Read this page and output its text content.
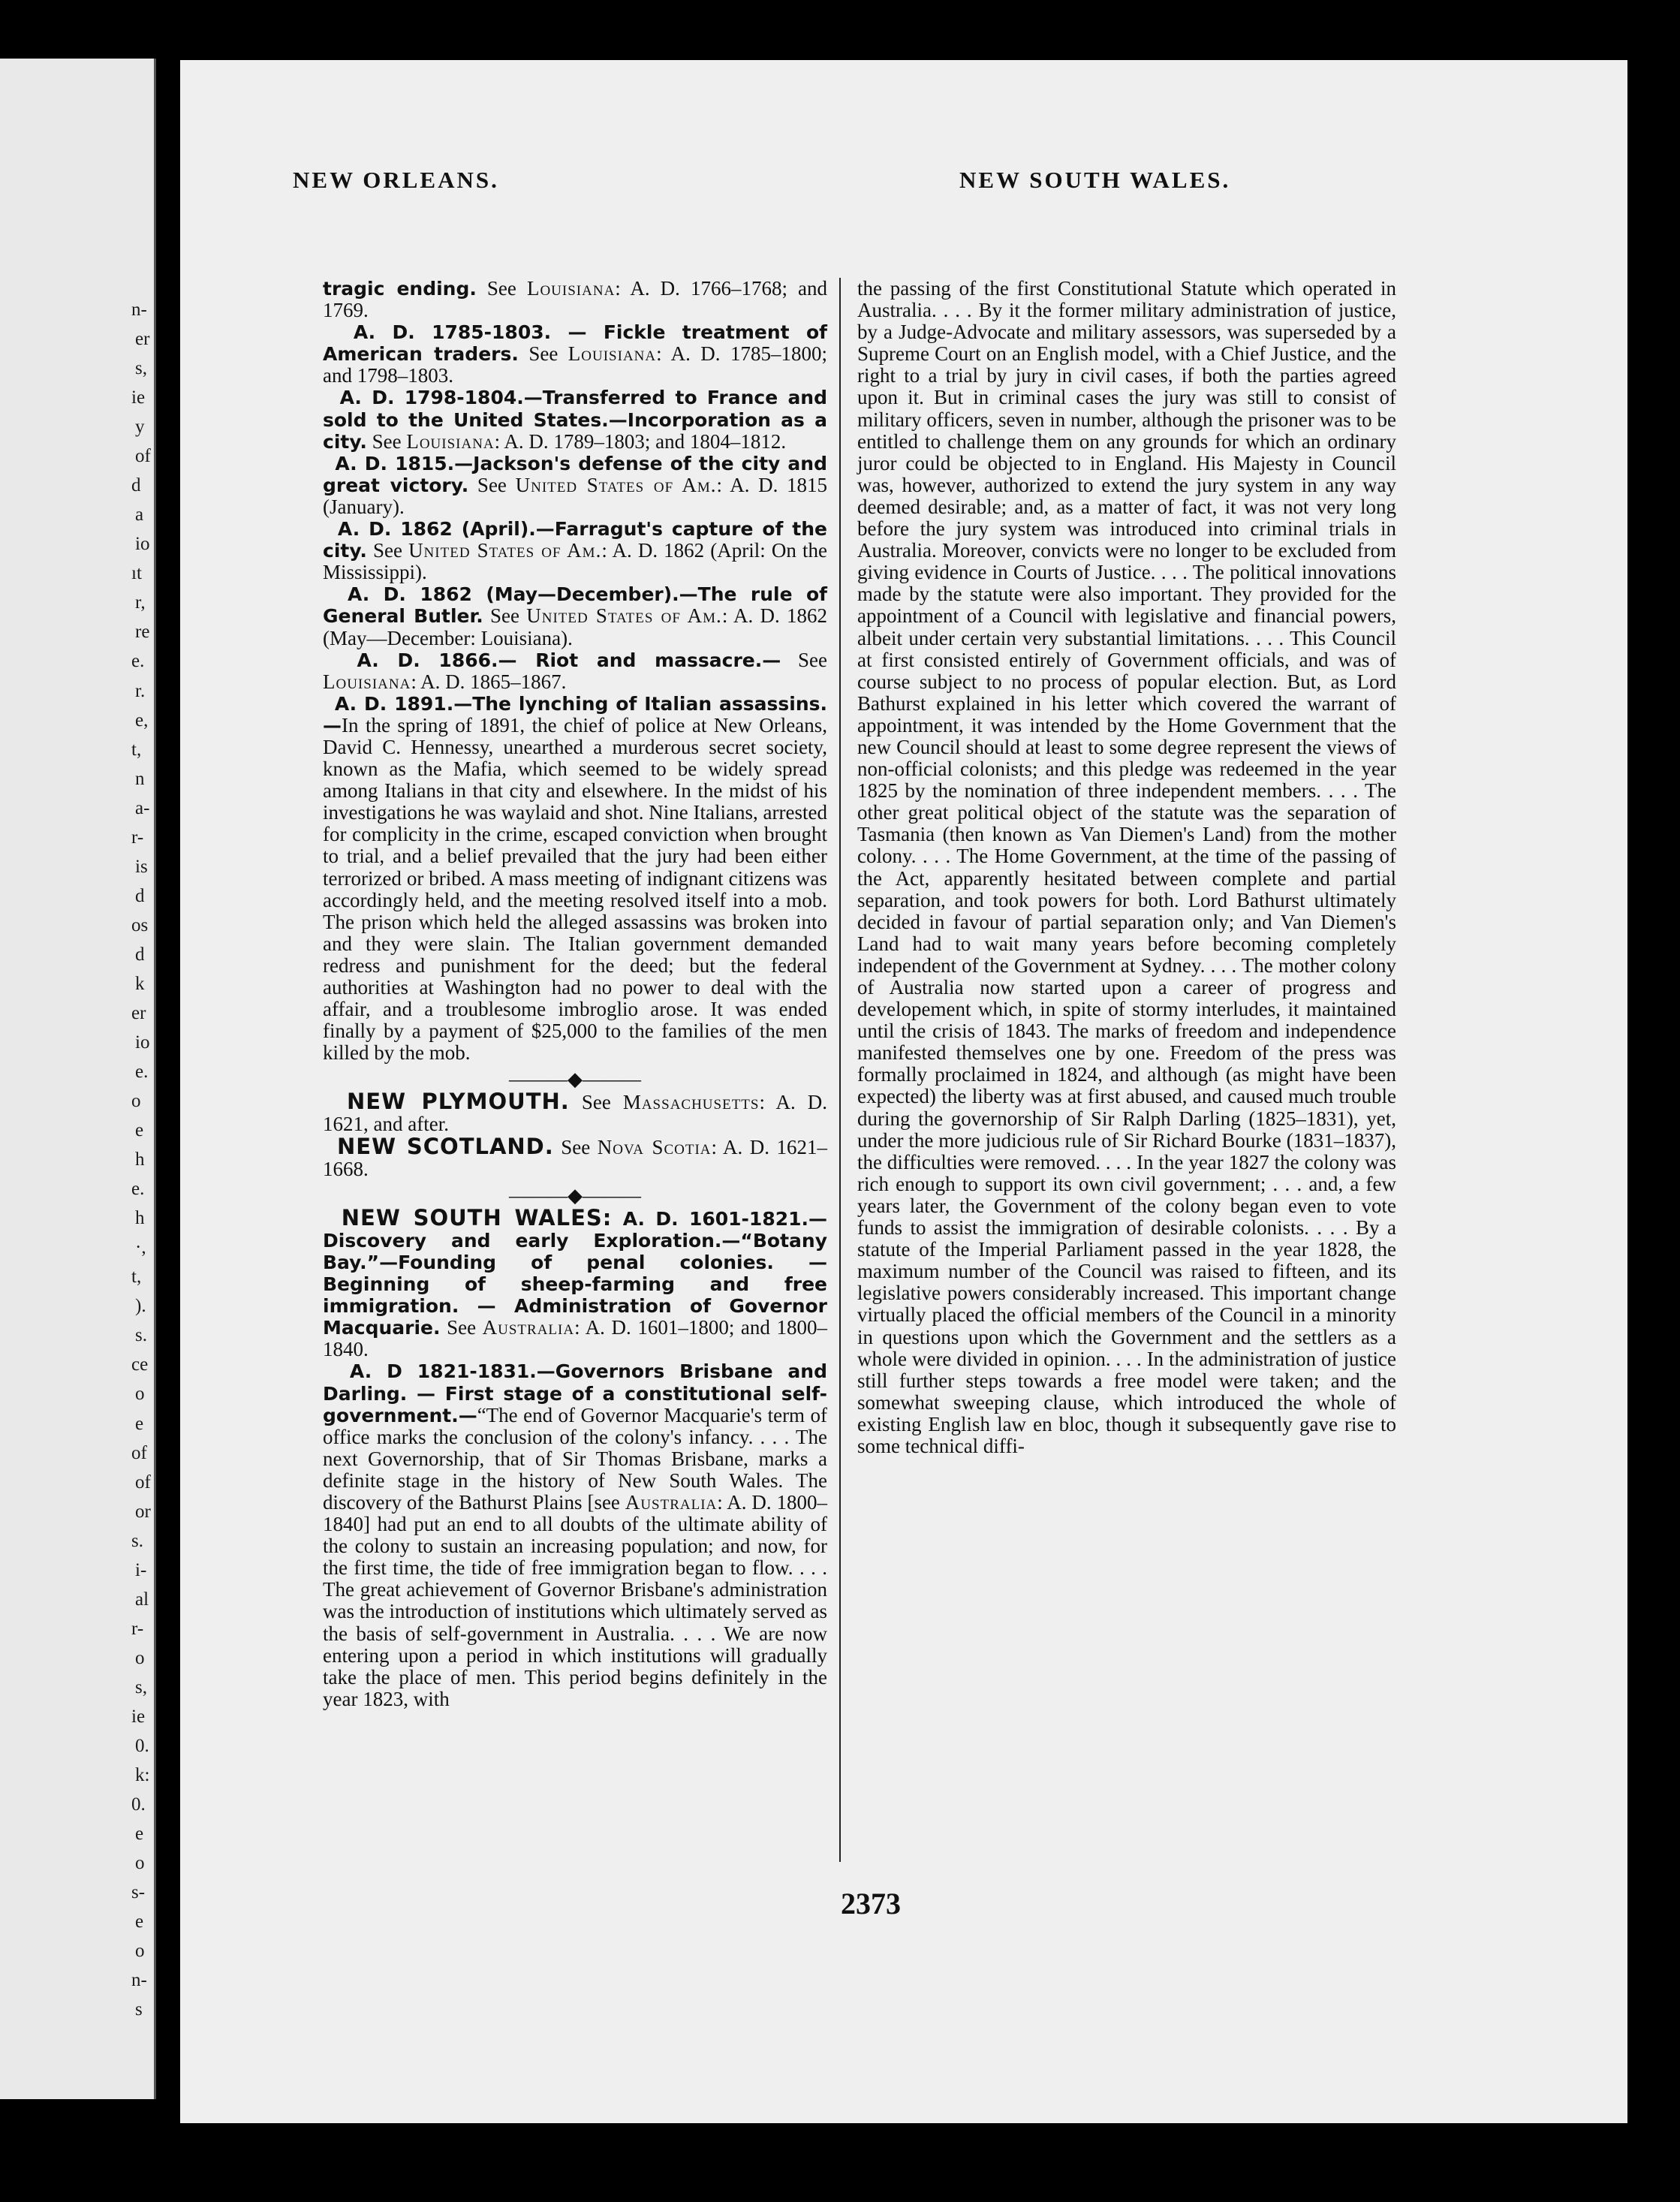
n-
er
s,
ie
y
of
d
a
io
ıt
r,
re
e.
r.
e,
t,
n
a-
r-
is
d
os
d
k
er
io
e.
o
e
h
e.
h
·,
t,
).
s.
ce
o
e
of
of
or
s.
i-
al
r-
o
s,
ie
0.
k:
0.
e
o
s-
e
o
n-
s
NEW ORLEANS.	NEW SOUTH WALES.

tragic ending. See Louisiana: A. D. 1766–1768; and 1769.

A. D. 1785-1803. — Fickle treatment of American traders. See Louisiana: A. D. 1785–1800; and 1798–1803.

A. D. 1798-1804.—Transferred to France and sold to the United States.—Incorporation as a city. See Louisiana: A. D. 1789–1803; and 1804–1812.

A. D. 1815.—Jackson's defense of the city and great victory. See United States of Am.: A. D. 1815 (January).

A. D. 1862 (April).—Farragut's capture of the city. See United States of Am.: A. D. 1862 (April: On the Mississippi).

A. D. 1862 (May—December).—The rule of General Butler. See United States of Am.: A. D. 1862 (May—December: Louisiana).

A. D. 1866.— Riot and massacre.— See Louisiana: A. D. 1865–1867.

A. D. 1891.—The lynching of Italian assassins.—In the spring of 1891, the chief of police at New Orleans, David C. Hennessy, unearthed a murderous secret society, known as the Mafia, which seemed to be widely spread among Italians in that city and elsewhere. In the midst of his investigations he was waylaid and shot. Nine Italians, arrested for complicity in the crime, escaped conviction when brought to trial, and a belief prevailed that the jury had been either terrorized or bribed. A mass meeting of indignant citizens was accordingly held, and the meeting resolved itself into a mob. The prison which held the alleged assassins was broken into and they were slain. The Italian government demanded redress and punishment for the deed; but the federal authorities at Washington had no power to deal with the affair, and a troublesome imbroglio arose. It was ended finally by a payment of $25,000 to the families of the men killed by the mob.

———◆———

NEW PLYMOUTH. See Massachusetts: A. D. 1621, and after.

NEW SCOTLAND. See Nova Scotia: A. D. 1621–1668.

———◆———

NEW SOUTH WALES: A. D. 1601-1821.—Discovery and early Exploration.—“Botany Bay.”—Founding of penal colonies. — Beginning of sheep-farming and free immigration. — Administration of Governor Macquarie. See Australia: A. D. 1601–1800; and 1800–1840.

A. D 1821-1831.—Governors Brisbane and Darling. — First stage of a constitutional self-government.—“The end of Governor Macquarie's term of office marks the conclusion of the colony's infancy. . . . The next Governorship, that of Sir Thomas Brisbane, marks a definite stage in the history of New South Wales. The discovery of the Bathurst Plains [see Australia: A. D. 1800–1840] had put an end to all doubts of the ultimate ability of the colony to sustain an increasing population; and now, for the first time, the tide of free immigration began to flow. . . . The great achievement of Governor Brisbane's administration was the introduction of institutions which ultimately served as the basis of self-government in Australia. . . . We are now entering upon a period in which institutions will gradually take the place of men. This period begins definitely in the year 1823, with

the passing of the first Constitutional Statute which operated in Australia. . . . By it the former military administration of justice, by a Judge-Advocate and military assessors, was superseded by a Supreme Court on an English model, with a Chief Justice, and the right to a trial by jury in civil cases, if both the parties agreed upon it. But in criminal cases the jury was still to consist of military officers, seven in number, although the prisoner was to be entitled to challenge them on any grounds for which an ordinary juror could be objected to in England. His Majesty in Council was, however, authorized to extend the jury system in any way deemed desirable; and, as a matter of fact, it was not very long before the jury system was introduced into criminal trials in Australia. Moreover, convicts were no longer to be excluded from giving evidence in Courts of Justice. . . . The political innovations made by the statute were also important. They provided for the appointment of a Council with legislative and financial powers, albeit under certain very substantial limitations. . . . This Council at first consisted entirely of Government officials, and was of course subject to no process of popular election. But, as Lord Bathurst explained in his letter which covered the warrant of appointment, it was intended by the Home Government that the new Council should at least to some degree represent the views of non-official colonists; and this pledge was redeemed in the year 1825 by the nomination of three independent members. . . . The other great political object of the statute was the separation of Tasmania (then known as Van Diemen's Land) from the mother colony. . . . The Home Government, at the time of the passing of the Act, apparently hesitated between complete and partial separation, and took powers for both. Lord Bathurst ultimately decided in favour of partial separation only; and Van Diemen's Land had to wait many years before becoming completely independent of the Government at Sydney. . . . The mother colony of Australia now started upon a career of progress and developement which, in spite of stormy interludes, it maintained until the crisis of 1843. The marks of freedom and independence manifested themselves one by one. Freedom of the press was formally proclaimed in 1824, and although (as might have been expected) the liberty was at first abused, and caused much trouble during the governorship of Sir Ralph Darling (1825–1831), yet, under the more judicious rule of Sir Richard Bourke (1831–1837), the difficulties were removed. . . . In the year 1827 the colony was rich enough to support its own civil government; . . . and, a few years later, the Government of the colony began even to vote funds to assist the immigration of desirable colonists. . . . By a statute of the Imperial Parliament passed in the year 1828, the maximum number of the Council was raised to fifteen, and its legislative powers considerably increased. This important change virtually placed the official members of the Council in a minority in questions upon which the Government and the settlers as a whole were divided in opinion. . . . In the administration of justice still further steps towards a free model were taken; and the somewhat sweeping clause, which introduced the whole of existing English law en bloc, though it subsequently gave rise to some technical diffi-

2373
